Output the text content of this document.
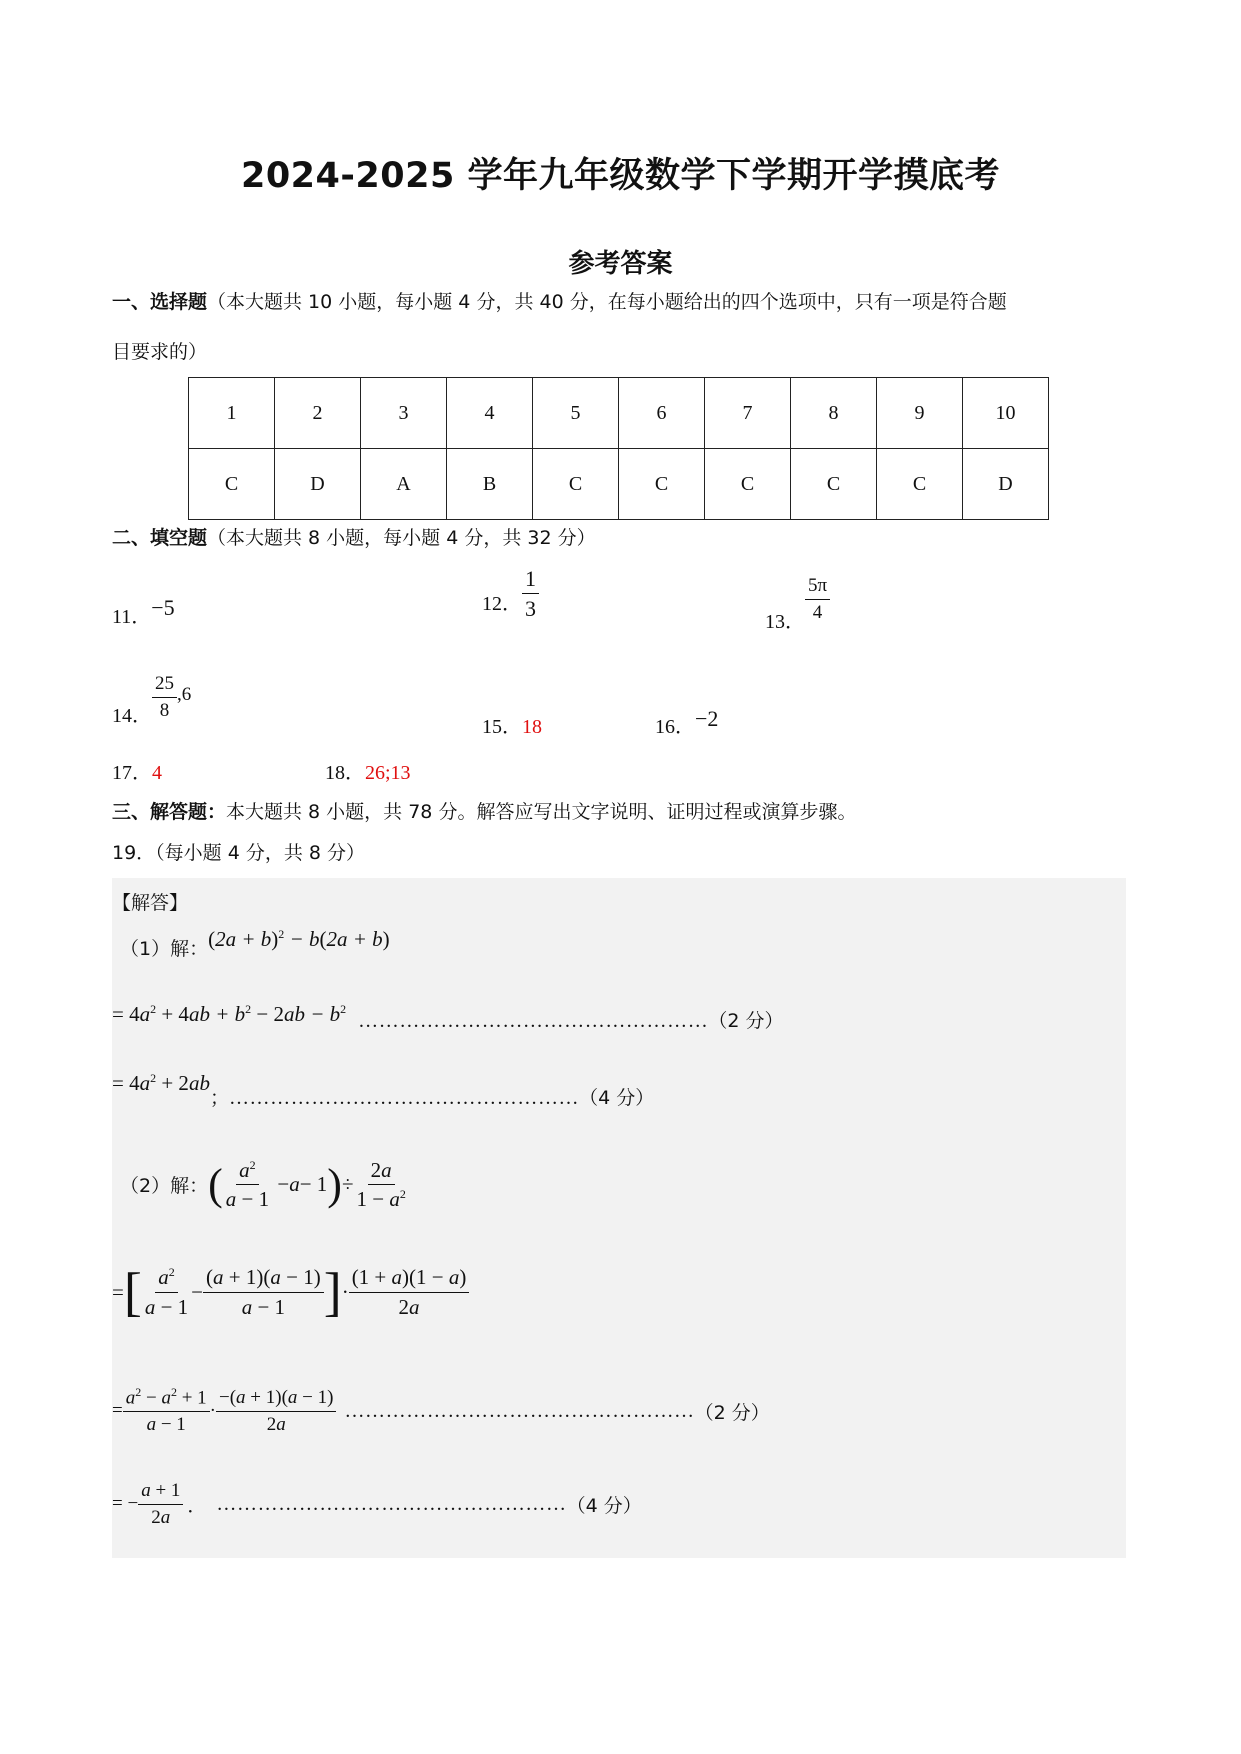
2024-2025 学年九年级数学下学期开学摸底考
参考答案
一、选择题（本大题共 10 小题，每小题 4 分，共 40 分，在每小题给出的四个选项中，只有一项是符合题
目要求的）
1	2	3	4	5	6	7	8	9	10
C	D	A	B	C	C	C	C	C	D
二、填空题（本大题共 8 小题，每小题 4 分，共 32 分）
11．−5	12． $\frac{1}{3}$
13． $\frac{5\pi}{4}$
14． $\frac{25}{8} ,6$
15．18	16．−2
17．4	18．26;13
三、解答题：本大题共 8 小题，共 78 分。解答应写出文字说明、证明过程或演算步骤。
19．（每小题 4 分，共 8 分）
【解答】
（1）解： $(2a + b)^2 - b(2a + b)$
= $4a^2 + 4ab + b^2 - 2ab - b^2$
…………………………………………… （2 分）
= $4a^2 + 2ab$
； …………………………………………… （4 分）
（2）解： ( $\frac{a^2}{a - 1} - a - 1$ ) ÷ $\frac{2a}{1 - a^2}$
= [ $\frac{a^2}{a - 1} - \frac{(a + 1)(a - 1)}{a - 1}$ ] · $\frac{(1 + a)(1 - a)}{2a}$
= $\frac{a^2 - a^2 + 1}{a - 1} \cdot \frac{-(a + 1)(a - 1)}{2a}$ …………………………………………… （2 分）
= − $\frac{a + 1}{2a}$ ． …………………………………………… （4 分）
